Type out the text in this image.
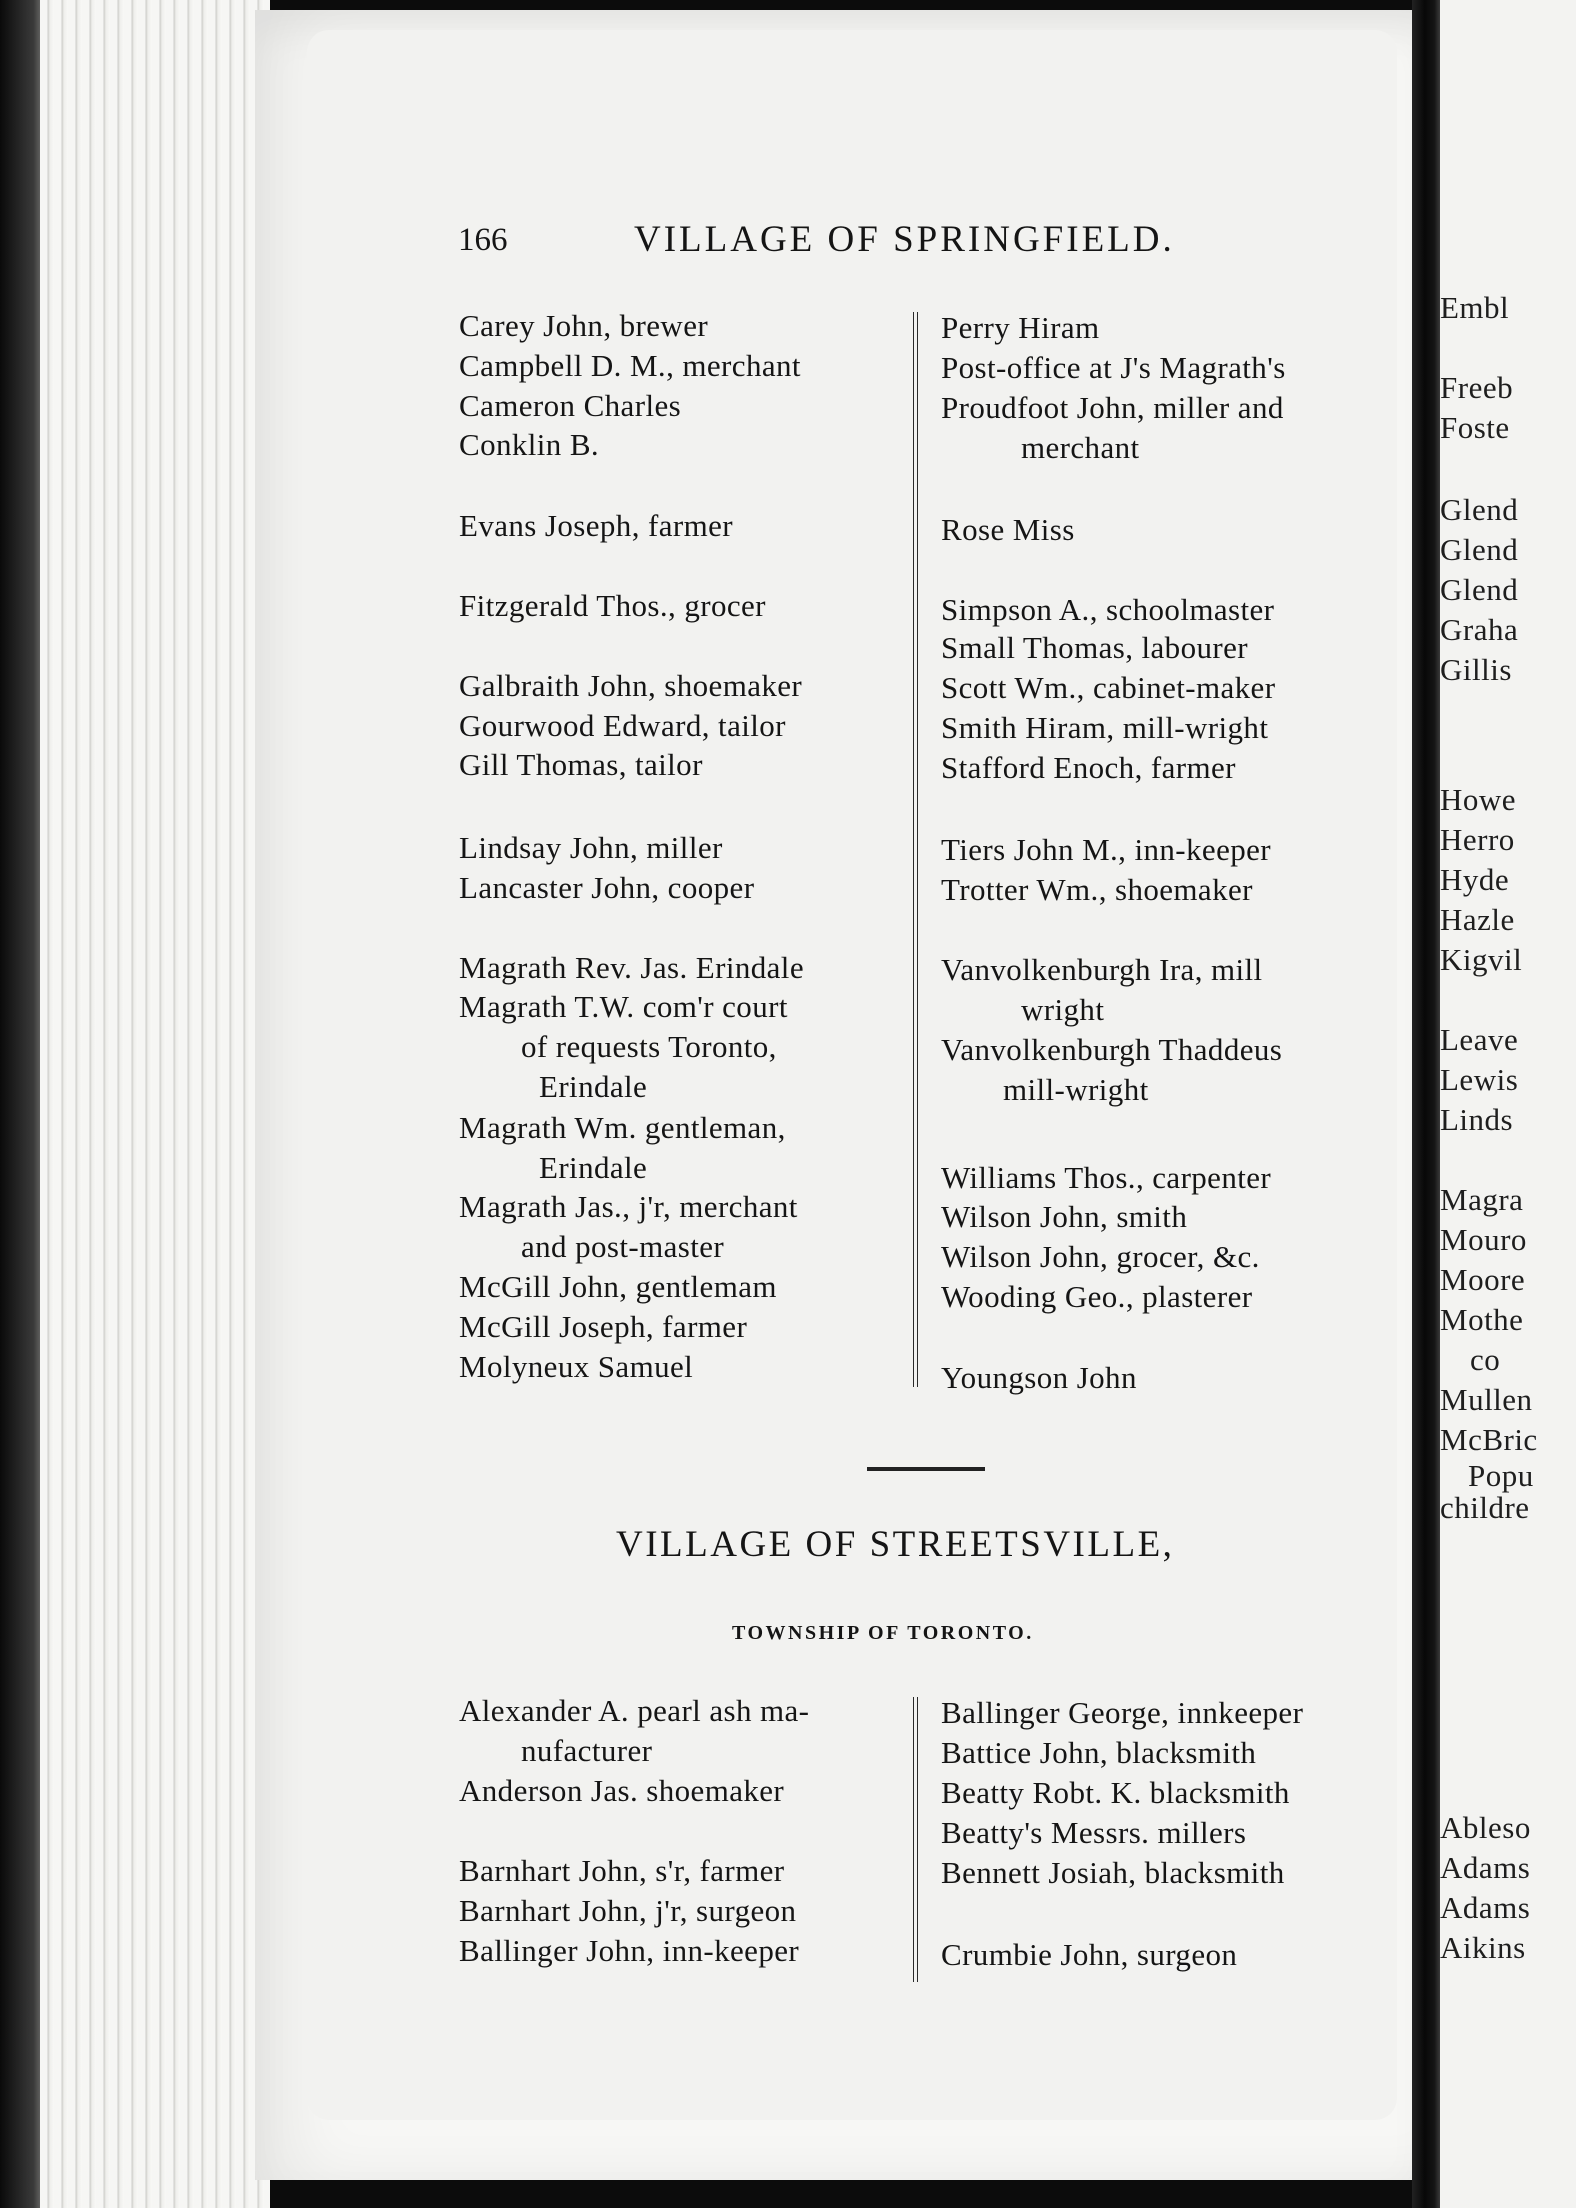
Embl
Freeb
Foste
Glend
Glend
Glend
Graha
Gillis
Howe
Herro
Hyde
Hazle
Kigvil
Leave
Lewis
Linds
Magra
Mouro
Moore
Mothe
co
Mullen
McBric
Popu
childre
Ableso
Adams
Adams
Aikins
166	VILLAGE OF SPRINGFIELD.
Carey John, brewer
Campbell D. M., merchant
Cameron Charles
Conklin B.
Evans Joseph, farmer
Fitzgerald Thos., grocer
Galbraith John, shoemaker
Gourwood Edward, tailor
Gill Thomas, tailor
Lindsay John, miller
Lancaster John, cooper
Magrath Rev. Jas. Erindale
Magrath T.W. com'r court
of requests Toronto,
Erindale
Magrath Wm. gentleman,
Erindale
Magrath Jas., j'r, merchant
and post-master
McGill John, gentlemam
McGill Joseph, farmer
Molyneux Samuel
Perry Hiram
Post-office at J's Magrath's
Proudfoot John, miller and
merchant
Rose Miss
Simpson A., schoolmaster
Small Thomas, labourer
Scott Wm., cabinet-maker
Smith Hiram, mill-wright
Stafford Enoch, farmer
Tiers John M., inn-keeper
Trotter Wm., shoemaker
Vanvolkenburgh Ira, mill
wright
Vanvolkenburgh Thaddeus
mill-wright
Williams Thos., carpenter
Wilson John, smith
Wilson John, grocer, &c.
Wooding Geo., plasterer
Youngson John
VILLAGE OF STREETSVILLE,
TOWNSHIP OF TORONTO.
Alexander A. pearl ash ma-
nufacturer
Anderson Jas. shoemaker
Barnhart John, s'r, farmer
Barnhart John, j'r, surgeon
Ballinger John, inn-keeper
Ballinger George, innkeeper
Battice John, blacksmith
Beatty Robt. K. blacksmith
Beatty's Messrs. millers
Bennett Josiah, blacksmith
Crumbie John, surgeon
